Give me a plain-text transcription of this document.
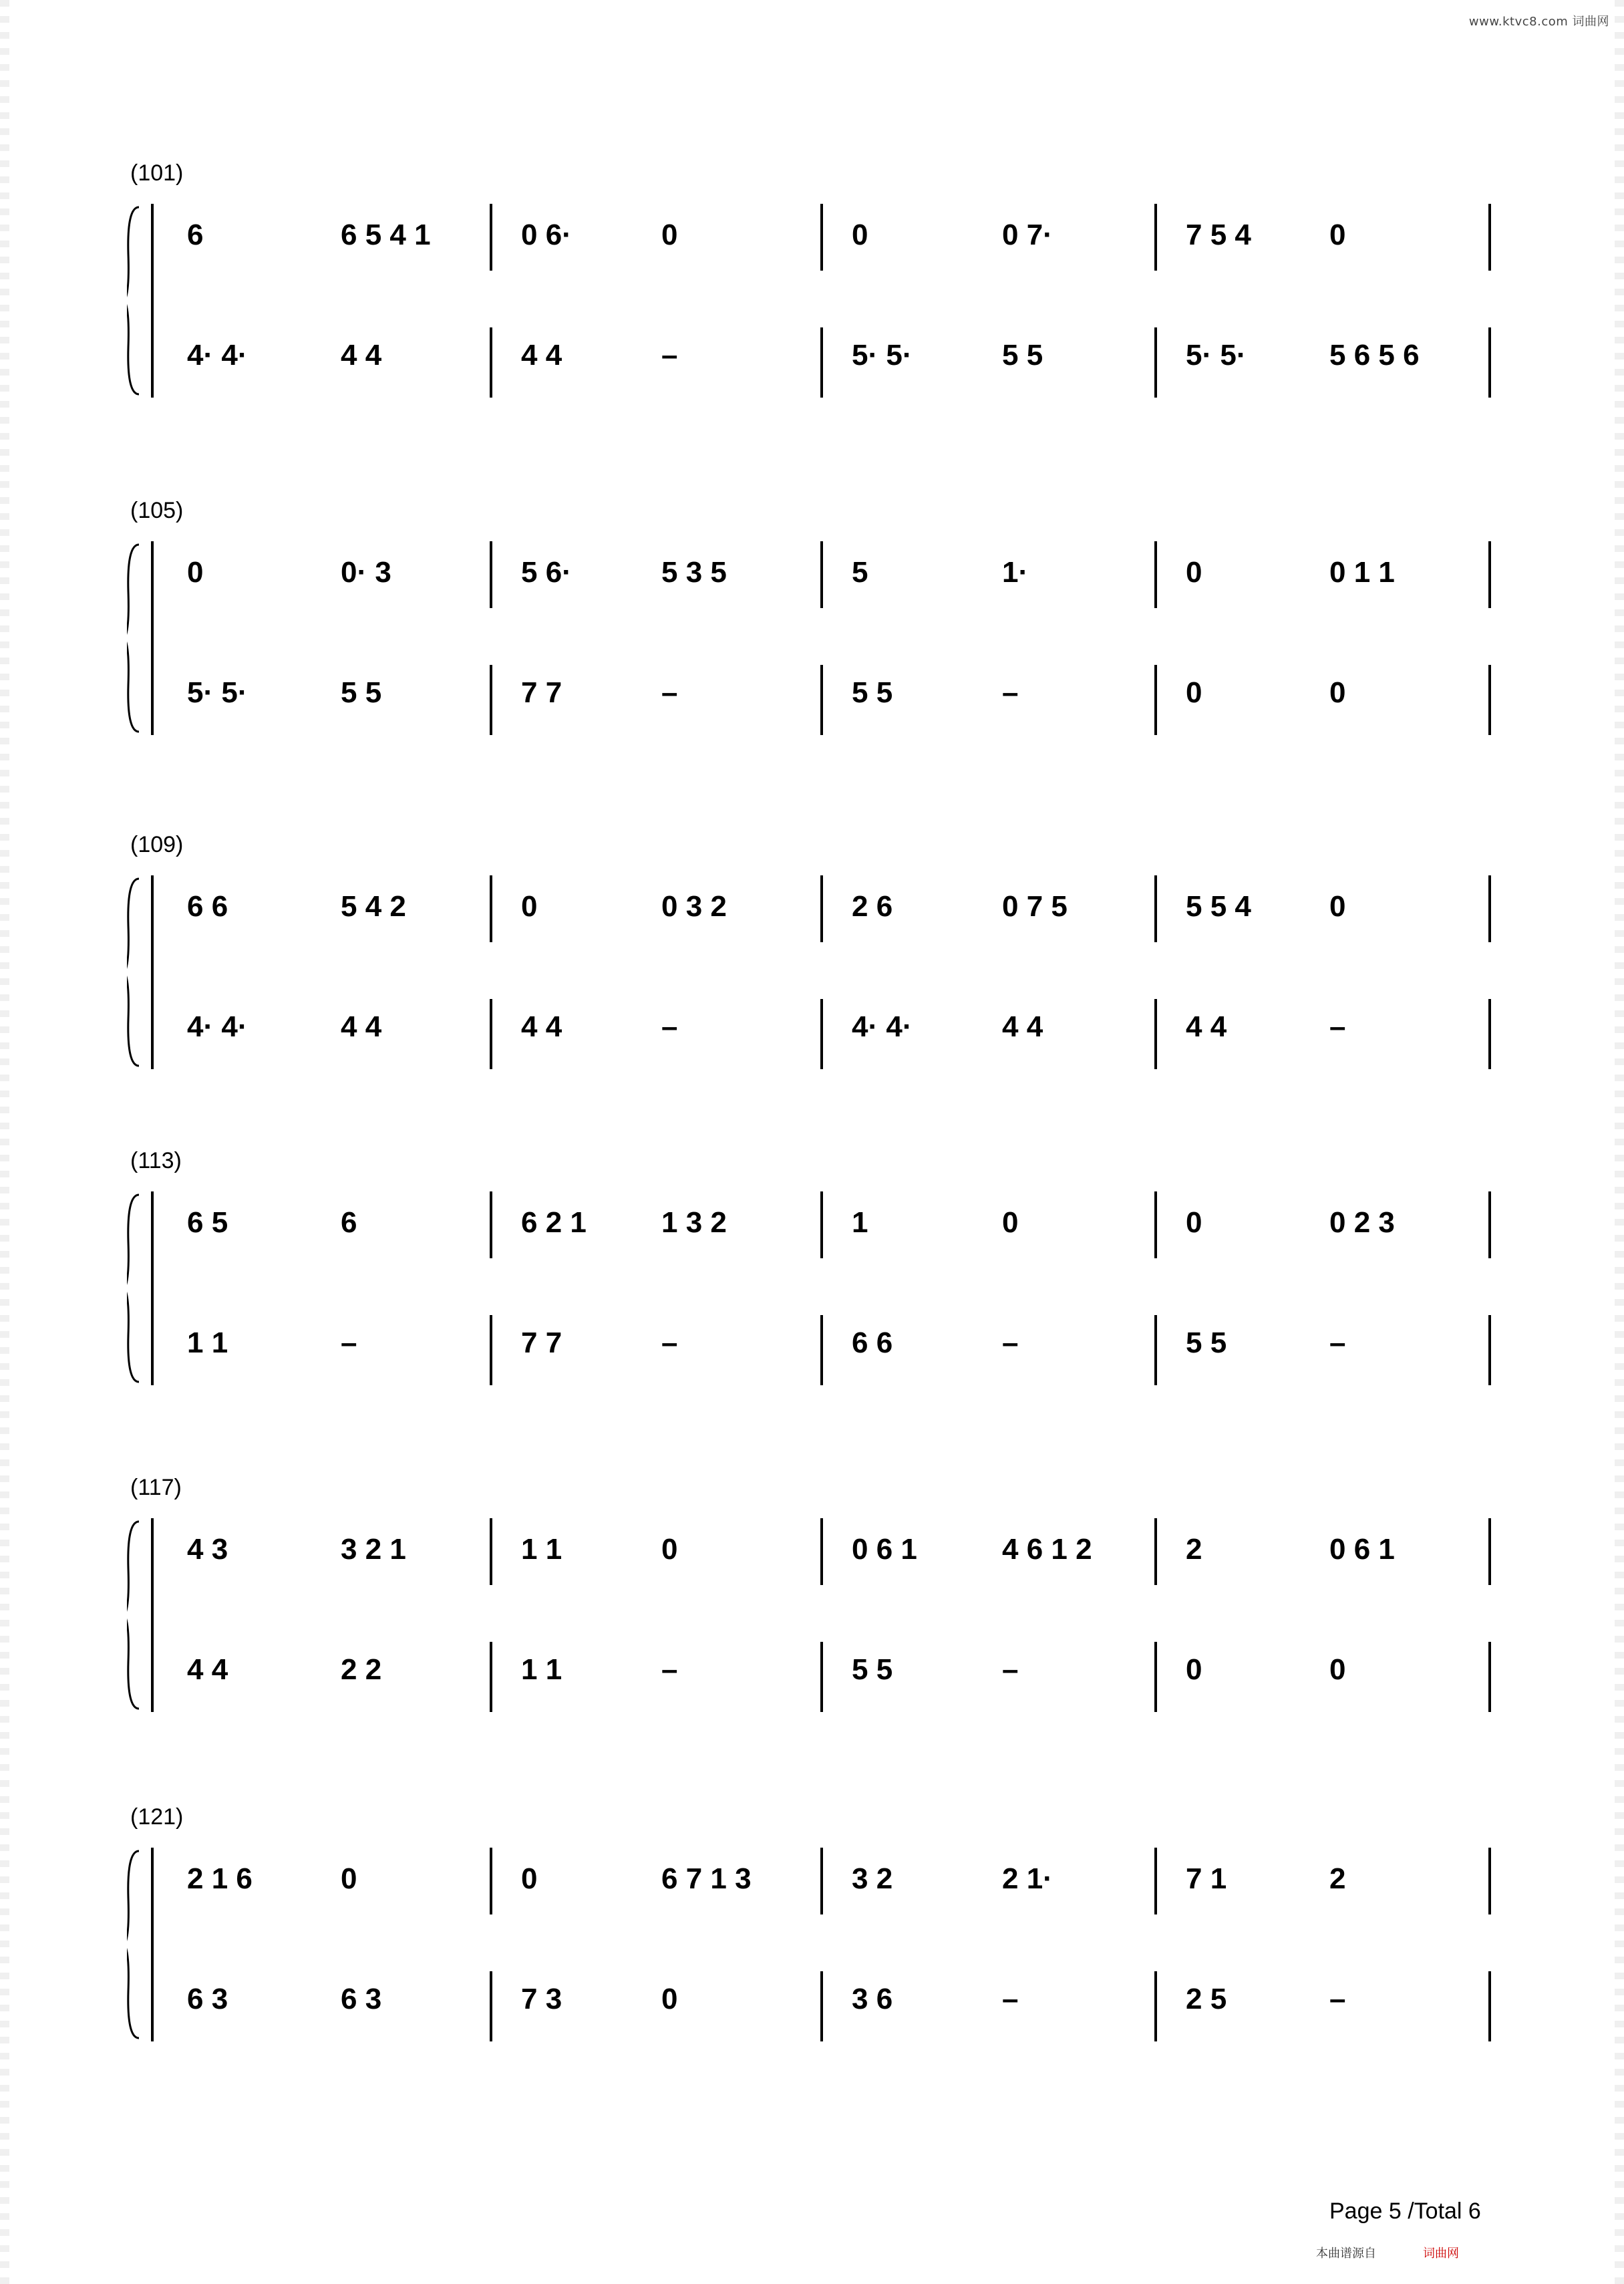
www.ktvc8.com 词曲网
(101)
6	6 5 4 1	0 6·	0	0	0 7·	7 5 4	0
4· 4·	4 4	4 4	–	5· 5·	5 5	5· 5·	5 6 5 6
(105)
0	0· 3	5 6·	5 3 5	5	1·	0	0 1 1
5· 5·	5 5	7 7	–	5 5	–	0	0
(109)
6 6	5 4 2	0	0 3 2	2 6	0 7 5	5 5 4	0
4· 4·	4 4	4 4	–	4· 4·	4 4	4 4	–
(113)
6 5	6	6 2 1	1 3 2	1	0	0	0 2 3
1 1	–	7 7	–	6 6	–	5 5	–
(117)
4 3	3 2 1	1 1	0	0 6 1	4 6 1 2	2	0 6 1
4 4	2 2	1 1	–	5 5	–	0	0
(121)
2 1 6	0	0	6 7 1 3	3 2	2 1·	7 1	2
6 3	6 3	7 3	0	3 6	–	2 5	–
Page 5 /Total 6
本曲谱源自	词曲网
